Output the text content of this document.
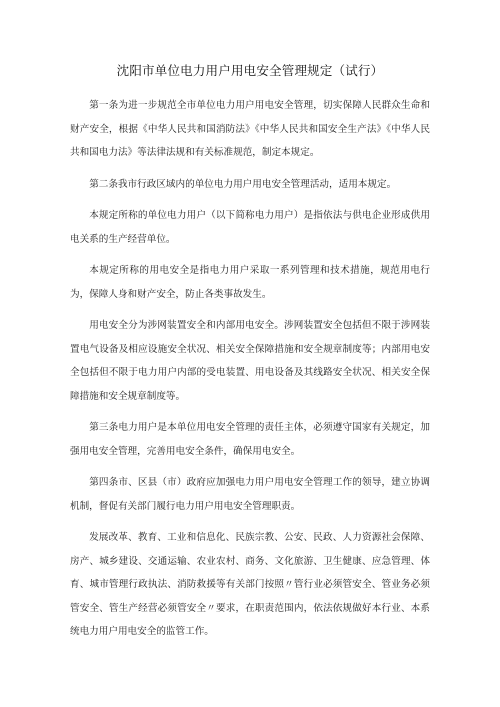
沈阳市单位电力用户用电安全管理规定（试行）

第一条为进一步规范全市单位电力用户用电安全管理，切实保障人民群众生命和财产安全，根据《中华人民共和国消防法》《中华人民共和国安全生产法》《中华人民共和国电力法》等法律法规和有关标准规范，制定本规定。

第二条我市行政区域内的单位电力用户用电安全管理活动，适用本规定。

本规定所称的单位电力用户（以下简称电力用户）是指依法与供电企业形成供用电关系的生产经营单位。

本规定所称的用电安全是指电力用户采取一系列管理和技术措施，规范用电行为，保障人身和财产安全，防止各类事故发生。

用电安全分为涉网装置安全和内部用电安全。涉网装置安全包括但不限于涉网装置电气设备及相应设施安全状况、相关安全保障措施和安全规章制度等；内部用电安全包括但不限于电力用户内部的受电装置、用电设备及其线路安全状况、相关安全保障措施和安全规章制度等。

第三条电力用户是本单位用电安全管理的责任主体，必须遵守国家有关规定，加强用电安全管理，完善用电安全条件，确保用电安全。

第四条市、区县（市）政府应加强电力用户用电安全管理工作的领导，建立协调机制，督促有关部门履行电力用户用电安全管理职责。

发展改革、教育、工业和信息化、民族宗教、公安、民政、人力资源社会保障、房产、城乡建设、交通运输、农业农村、商务、文化旅游、卫生健康、应急管理、体育、城市管理行政执法、消防救援等有关部门按照〃管行业必须管安全、管业务必须管安全、管生产经营必须管安全〃要求，在职责范围内，依法依规做好本行业、本系统电力用户用电安全的监管工作。
